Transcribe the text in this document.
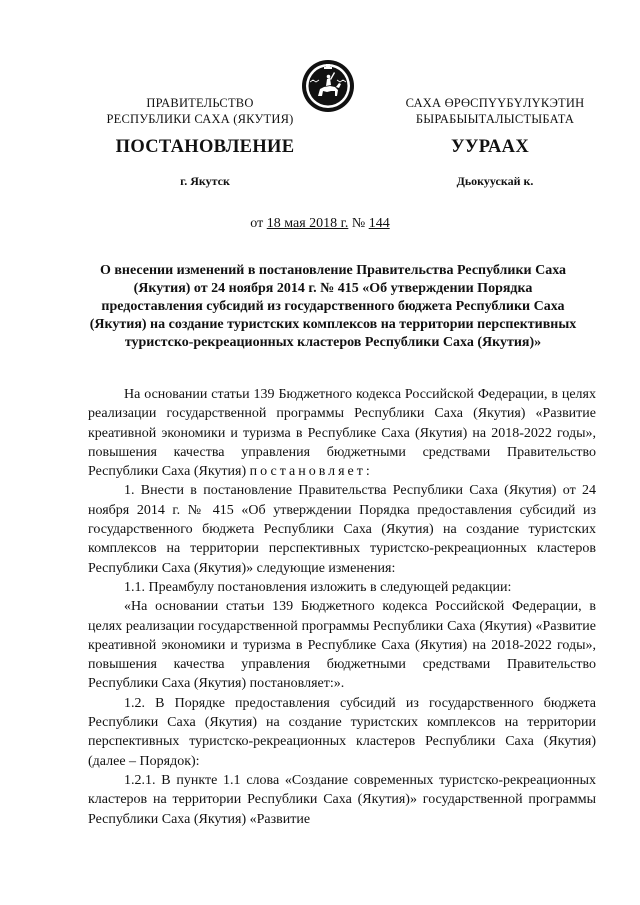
ПРАВИТЕЛЬСТВО
РЕСПУБЛИКИ САХА (ЯКУТИЯ)
САХА ӨРӨСПҮҮБҮЛҮКЭТИН
БЫРАБЫЫТАЛЫСТЫБАТА
ПОСТАНОВЛЕНИЕ	УУРААХ
г. Якутск	Дьокуускай к.
от 18 мая 2018 г. № 144
О внесении изменений в постановление Правительства Республики Саха (Якутия) от 24 ноября 2014 г. № 415 «Об утверждении Порядка предоставления субсидий из государственного бюджета Республики Саха (Якутия) на создание туристских комплексов на территории перспективных туристско-рекреационных кластеров Республики Саха (Якутия)»

На основании статьи 139 Бюджетного кодекса Российской Федерации, в целях реализации государственной программы Республики Саха (Якутия) «Развитие креативной экономики и туризма в Республике Саха (Якутия) на 2018-2022 годы», повышения качества управления бюджетными средствами Правительство Республики Саха (Якутия) постановляет:

1. Внести в постановление Правительства Республики Саха (Якутия) от 24 ноября 2014 г. № 415 «Об утверждении Порядка предоставления субсидий из государственного бюджета Республики Саха (Якутия) на создание туристских комплексов на территории перспективных туристско-рекреационных кластеров Республики Саха (Якутия)» следующие изменения:

1.1. Преамбулу постановления изложить в следующей редакции:

«На основании статьи 139 Бюджетного кодекса Российской Федерации, в целях реализации государственной программы Республики Саха (Якутия) «Развитие креативной экономики и туризма в Республике Саха (Якутия) на 2018-2022 годы», повышения качества управления бюджетными средствами Правительство Республики Саха (Якутия) постановляет:».

1.2. В Порядке предоставления субсидий из государственного бюджета Республики Саха (Якутия) на создание туристских комплексов на территории перспективных туристско-рекреационных кластеров Республики Саха (Якутия) (далее – Порядок):

1.2.1. В пункте 1.1 слова «Создание современных туристско-рекреационных кластеров на территории Республики Саха (Якутия)» государственной программы Республики Саха (Якутия) «Развитие
